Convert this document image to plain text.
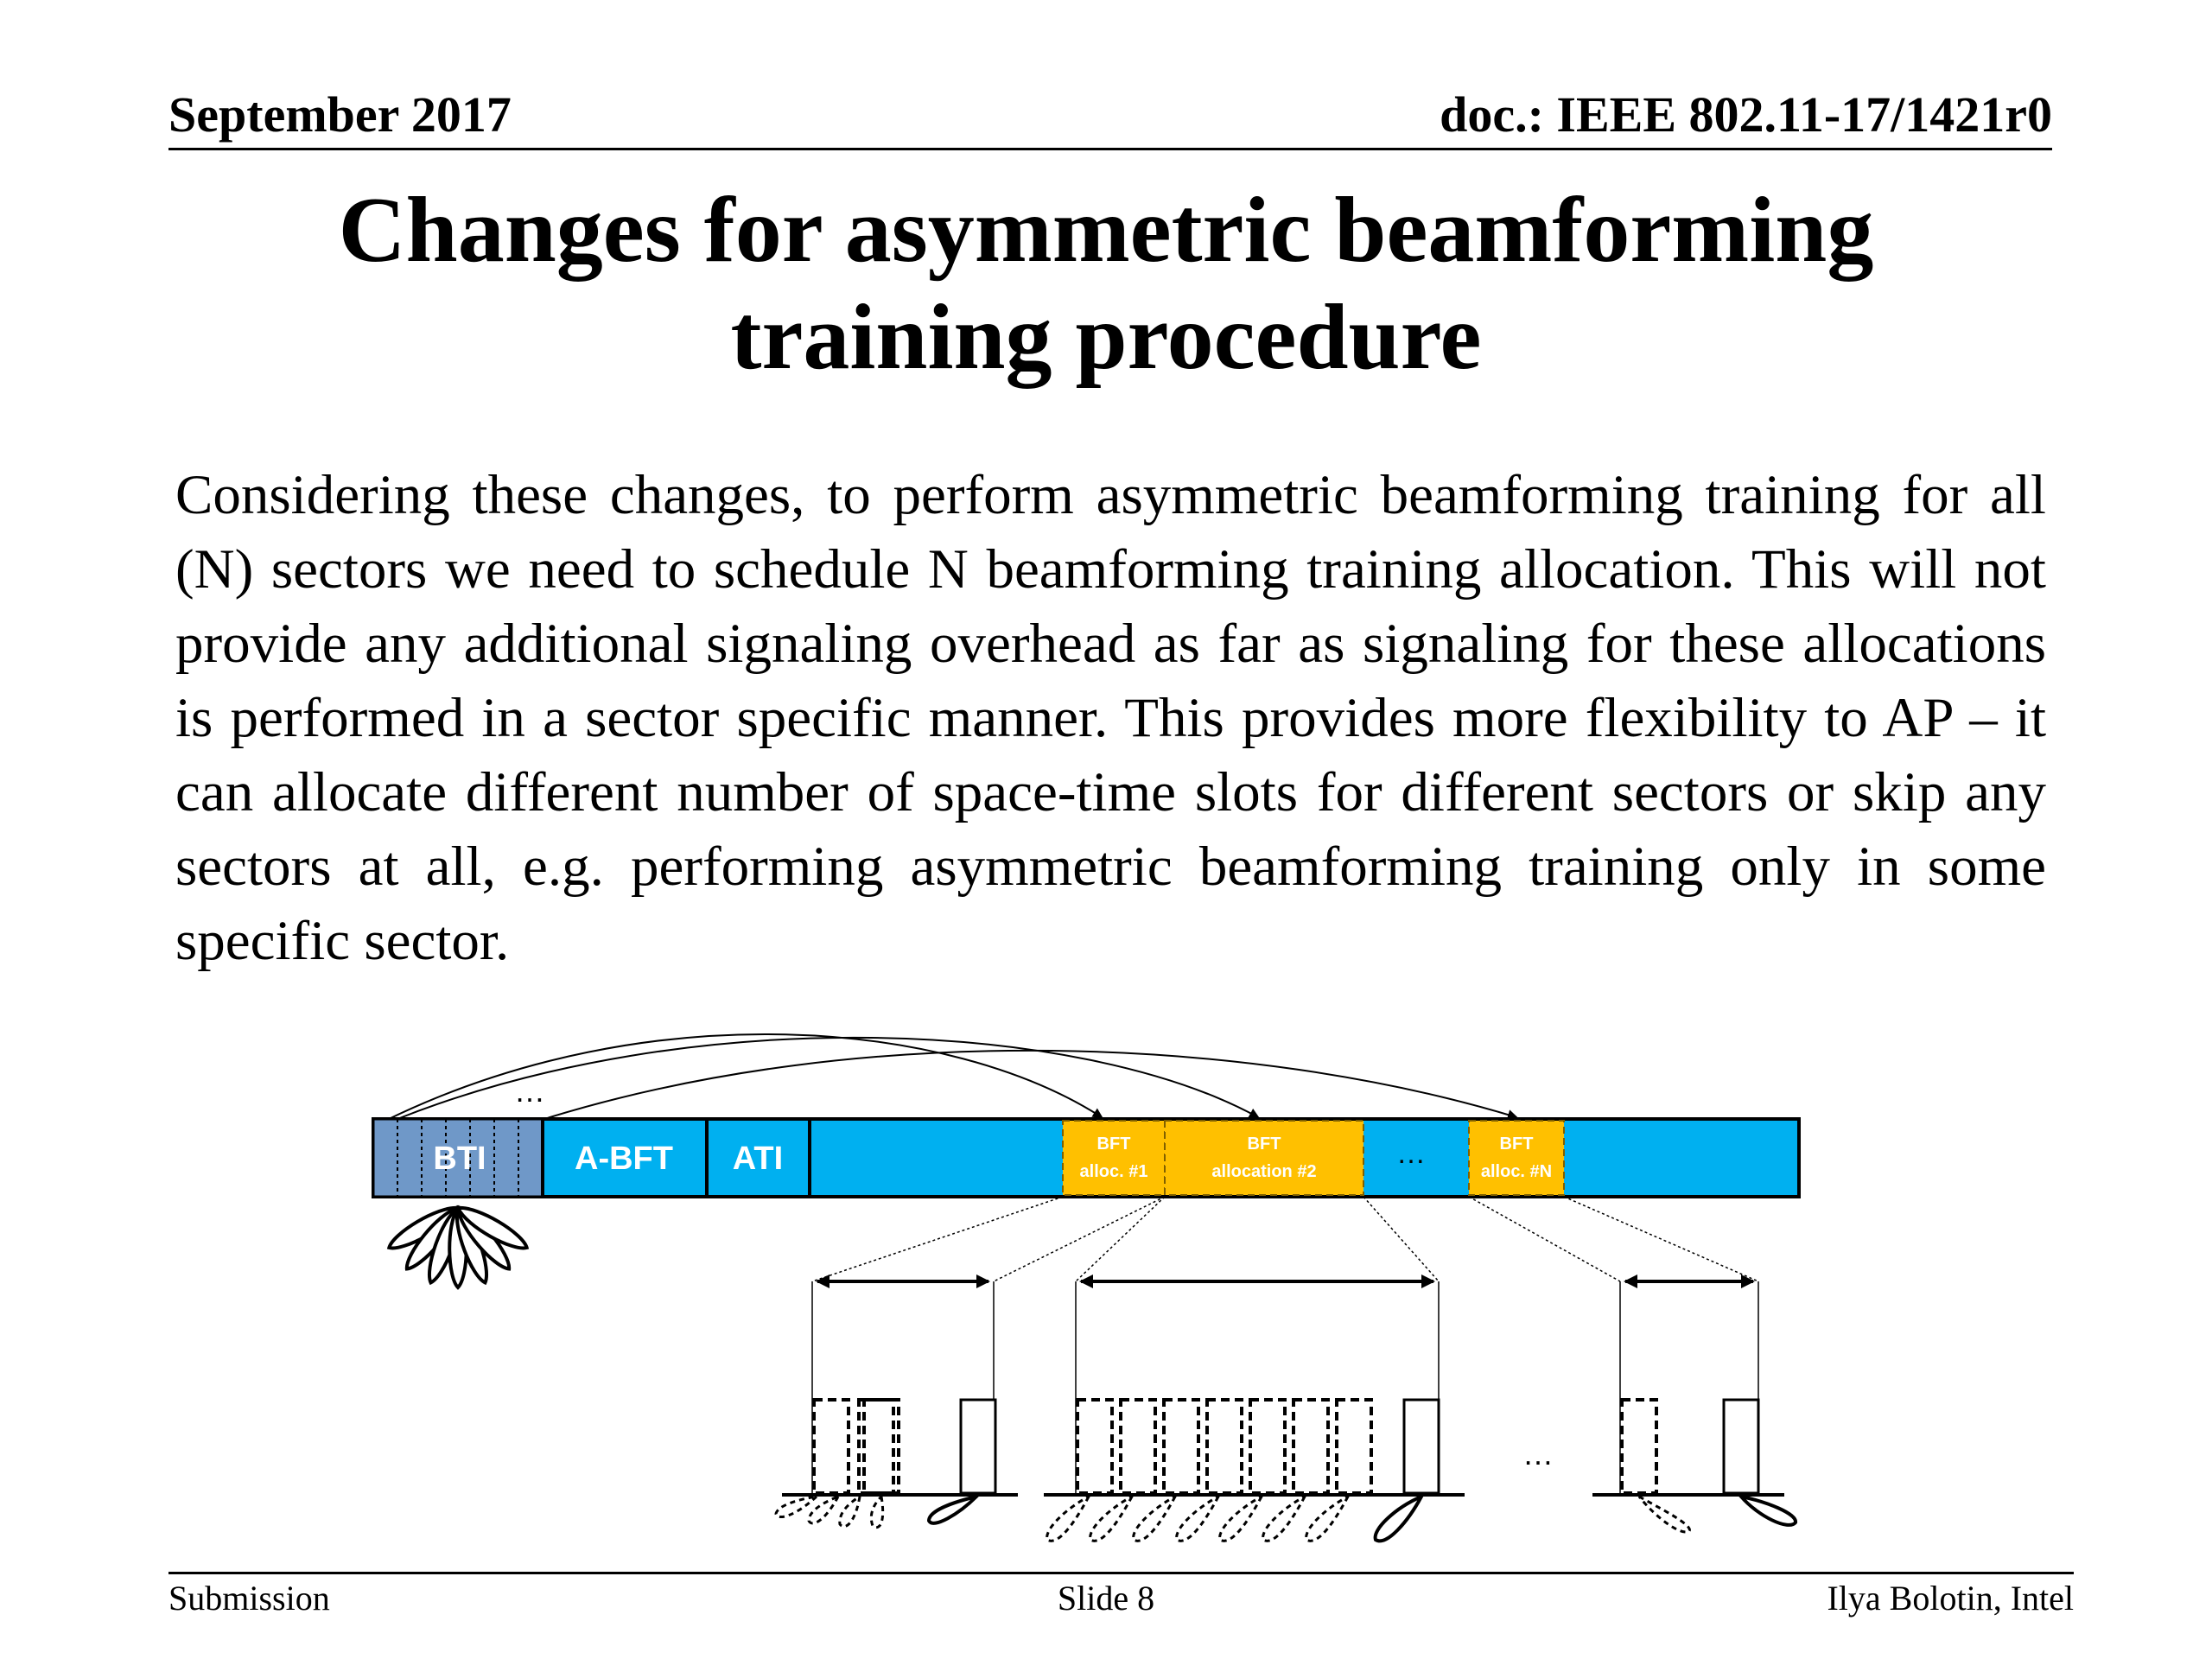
September 2017	doc.: IEEE 802.11-17/1421r0
Changes for asymmetric beamforming
training procedure
Considering these changes, to perform asymmetric beamforming training for all (N) sectors we need to schedule N beamforming training allocation. This will not provide any additional signaling overhead as far as signaling for these allocations is performed in a sector specific manner. This provides more flexibility to AP – it can allocate different number of space-time slots for different sectors or skip any sectors at all, e.g. performing asymmetric beamforming training only in some specific sector.
…
BTI	A-BFT ATI	BFT
alloc. #1
BFT
allocation #2
…	BFT
alloc. #N
…
Submission	Slide 8	Ilya Bolotin, Intel
